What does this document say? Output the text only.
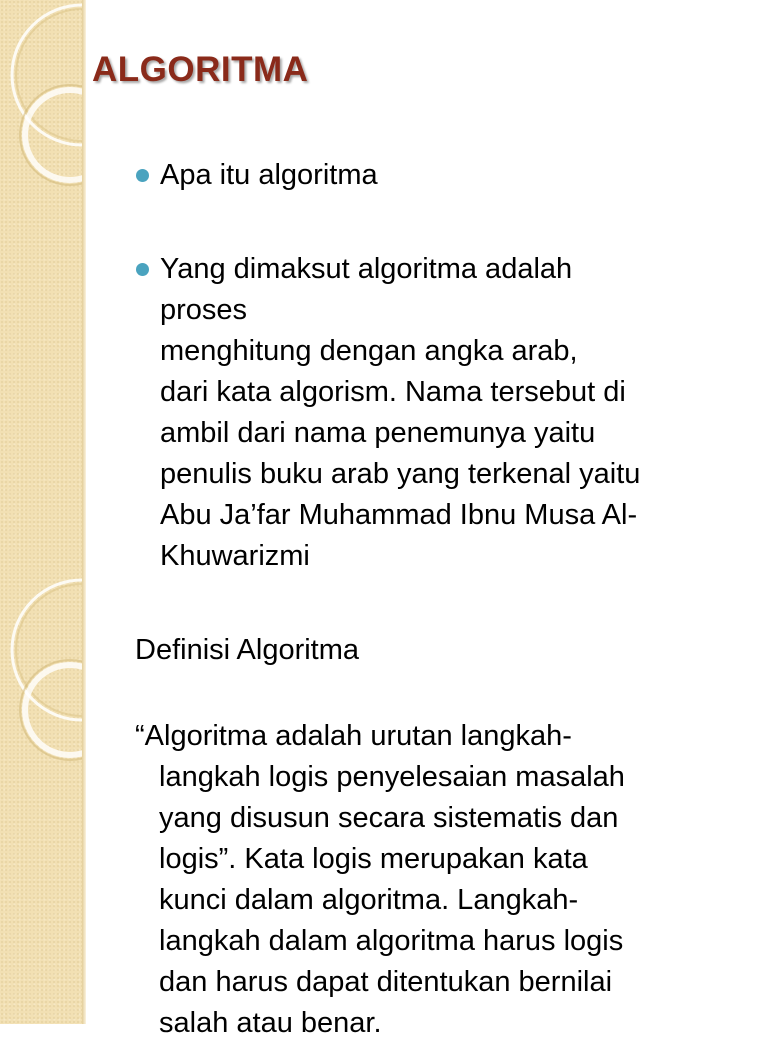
ALGORITMA
Apa itu algoritma
Yang dimaksut algoritma adalah
proses
menghitung dengan angka arab,
dari kata algorism. Nama tersebut di
ambil dari nama penemunya yaitu
penulis buku arab yang terkenal yaitu
Abu Ja’far Muhammad Ibnu Musa Al-
Khuwarizmi

Definisi Algoritma

“Algoritma adalah urutan langkah-
langkah logis penyelesaian masalah
yang disusun secara sistematis dan
logis”. Kata logis merupakan kata
kunci dalam algoritma. Langkah-
langkah dalam algoritma harus logis
dan harus dapat ditentukan bernilai
salah atau benar.
